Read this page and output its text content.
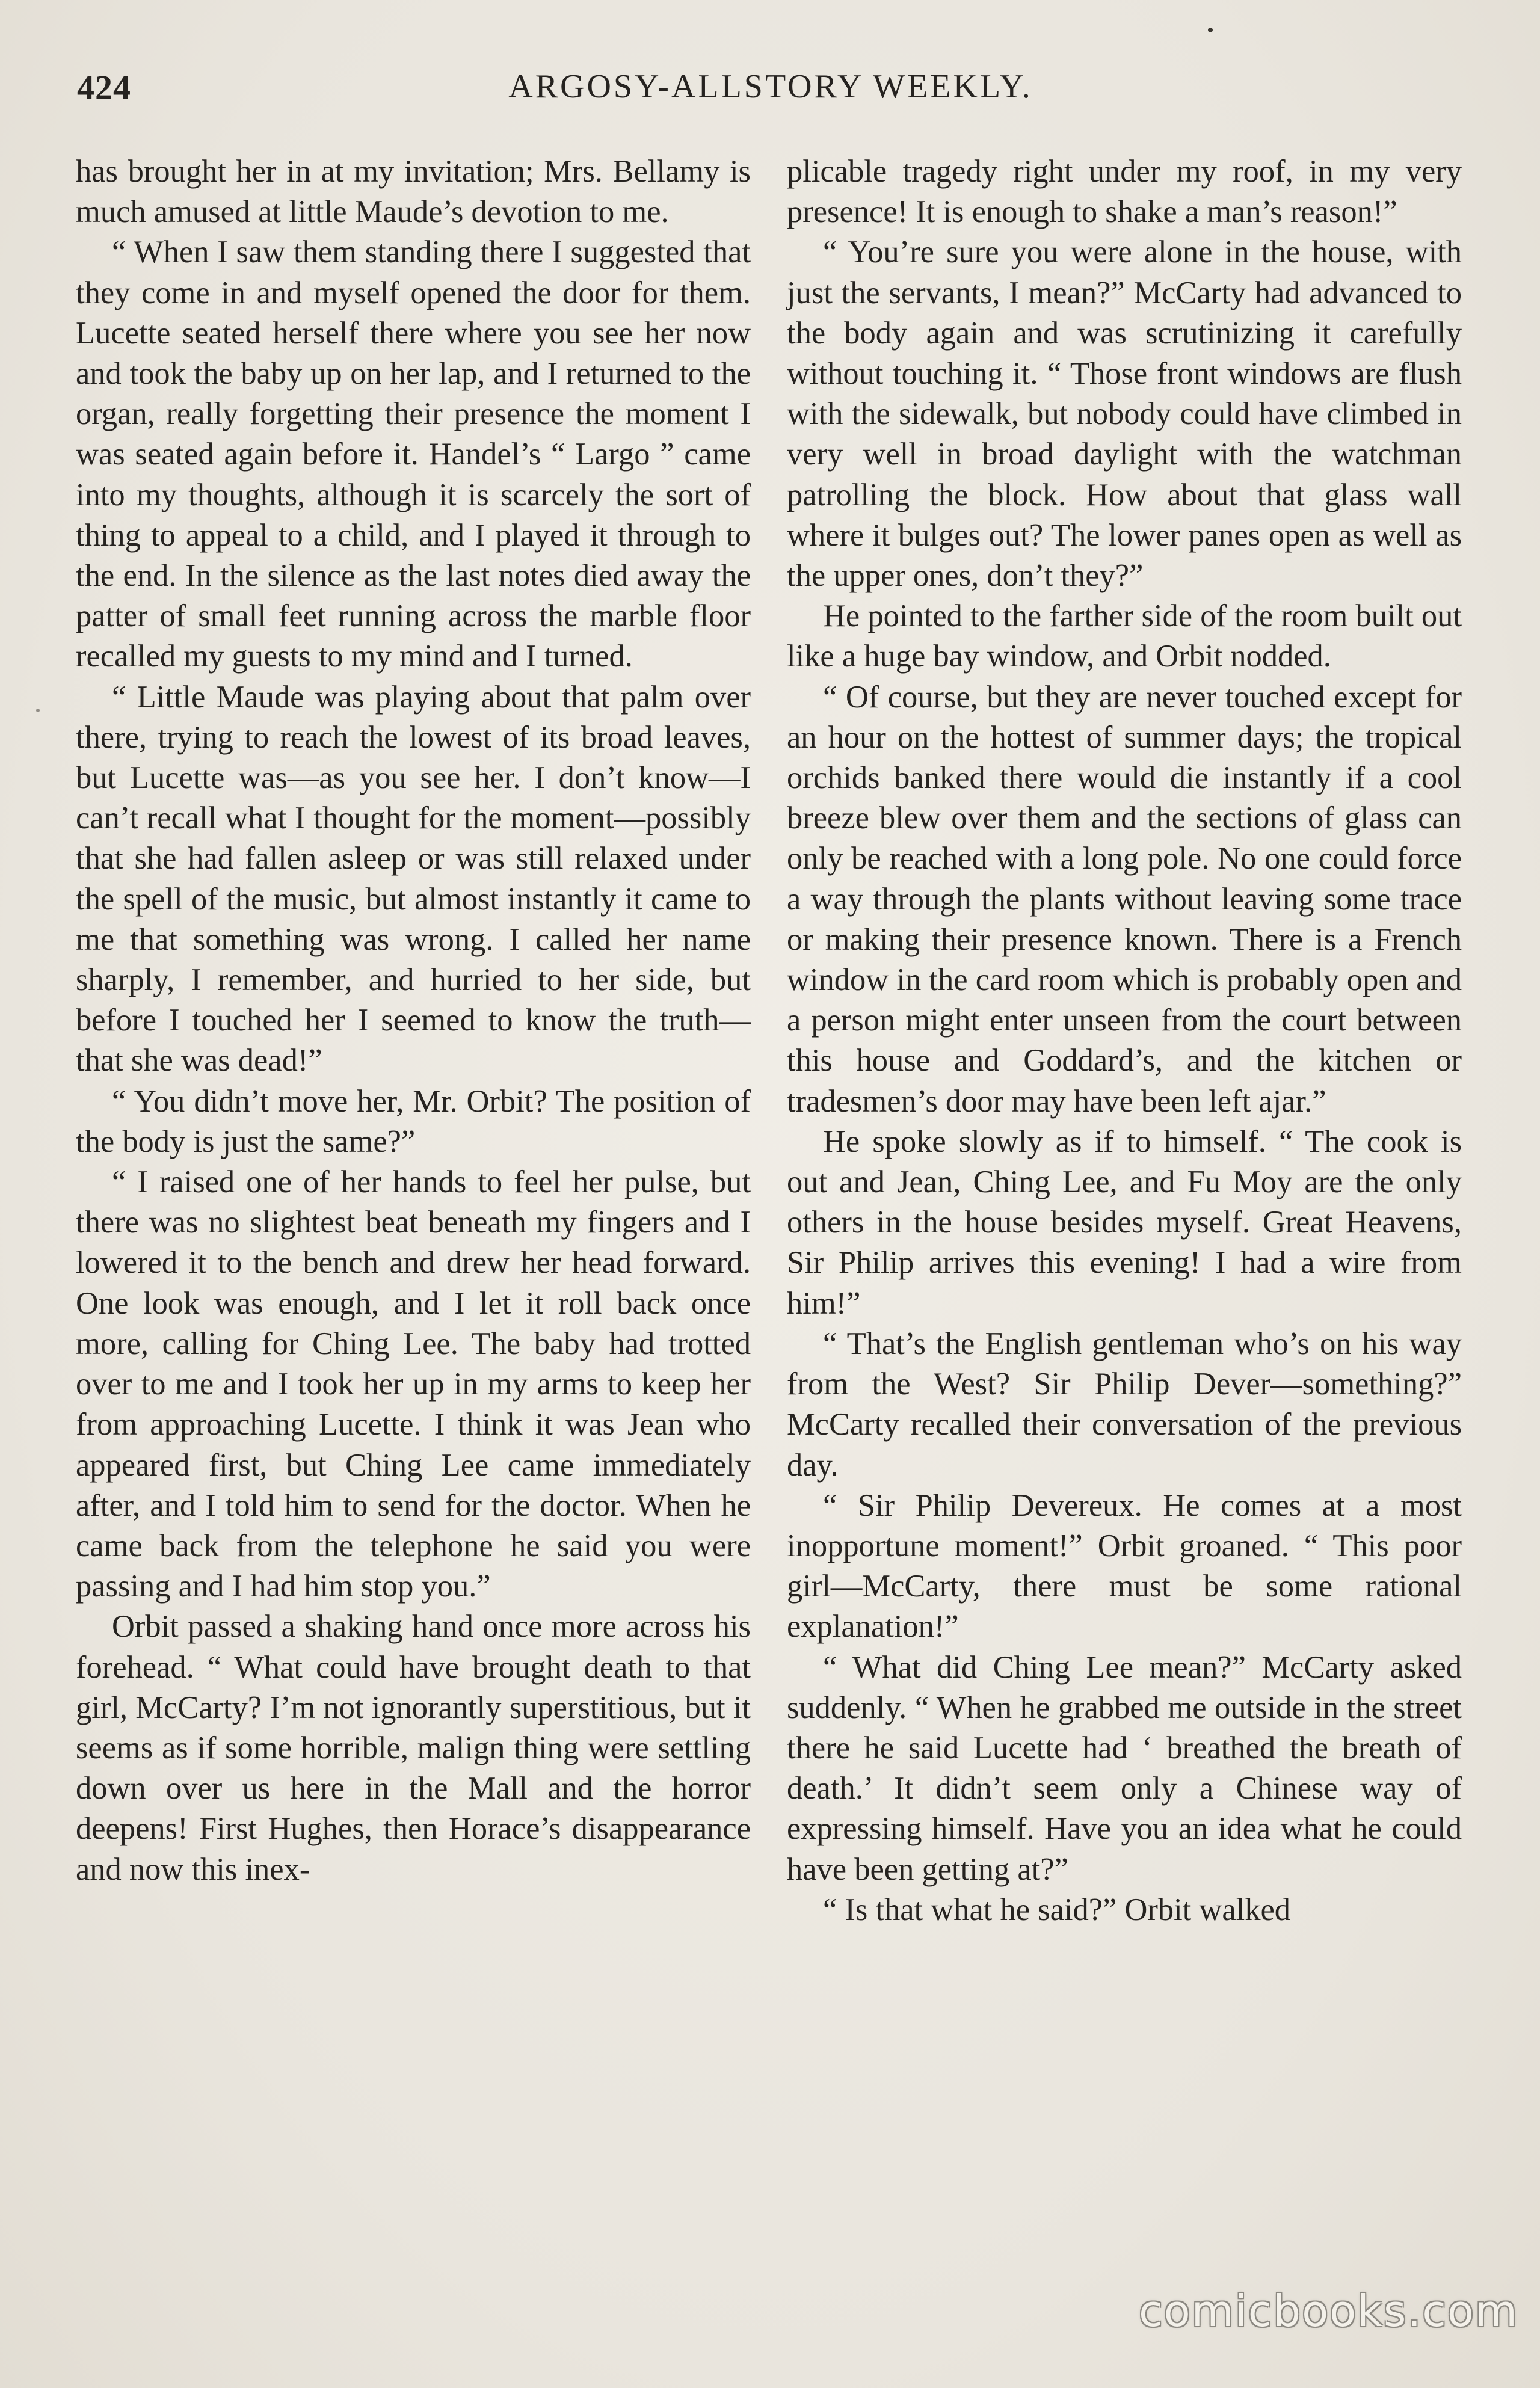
424	ARGOSY-ALLSTORY WEEKLY.

has brought her in at my invitation; Mrs. Bellamy is much amused at little Maude’s devotion to me.

“ When I saw them standing there I suggested that they come in and myself opened the door for them. Lucette seated herself there where you see her now and took the baby up on her lap, and I returned to the organ, really forgetting their presence the moment I was seated again before it. Handel’s “ Largo ” came into my thoughts, although it is scarcely the sort of thing to appeal to a child, and I played it through to the end. In the silence as the last notes died away the patter of small feet running across the marble floor recalled my guests to my mind and I turned.

“ Little Maude was playing about that palm over there, trying to reach the lowest of its broad leaves, but Lucette was—as you see her. I don’t know—I can’t recall what I thought for the moment—possibly that she had fallen asleep or was still relaxed under the spell of the music, but almost instantly it came to me that something was wrong. I called her name sharply, I remember, and hurried to her side, but before I touched her I seemed to know the truth—that she was dead!”

“ You didn’t move her, Mr. Orbit? The position of the body is just the same?”

“ I raised one of her hands to feel her pulse, but there was no slightest beat beneath my fingers and I lowered it to the bench and drew her head forward. One look was enough, and I let it roll back once more, calling for Ching Lee. The baby had trotted over to me and I took her up in my arms to keep her from approaching Lucette. I think it was Jean who appeared first, but Ching Lee came immediately after, and I told him to send for the doctor. When he came back from the telephone he said you were passing and I had him stop you.”

Orbit passed a shaking hand once more across his forehead. “ What could have brought death to that girl, McCarty? I’m not ignorantly superstitious, but it seems as if some horrible, malign thing were settling down over us here in the Mall and the horror deepens! First Hughes, then Horace’s disappearance and now this inex-

plicable tragedy right under my roof, in my very presence! It is enough to shake a man’s reason!”

“ You’re sure you were alone in the house, with just the servants, I mean?” McCarty had advanced to the body again and was scrutinizing it carefully without touching it. “ Those front windows are flush with the sidewalk, but nobody could have climbed in very well in broad daylight with the watchman patrolling the block. How about that glass wall where it bulges out? The lower panes open as well as the upper ones, don’t they?”

He pointed to the farther side of the room built out like a huge bay window, and Orbit nodded.

“ Of course, but they are never touched except for an hour on the hottest of summer days; the tropical orchids banked there would die instantly if a cool breeze blew over them and the sections of glass can only be reached with a long pole. No one could force a way through the plants without leaving some trace or making their presence known. There is a French window in the card room which is probably open and a person might enter unseen from the court between this house and Goddard’s, and the kitchen or tradesmen’s door may have been left ajar.”

He spoke slowly as if to himself. “ The cook is out and Jean, Ching Lee, and Fu Moy are the only others in the house besides myself. Great Heavens, Sir Philip arrives this evening! I had a wire from him!”

“ That’s the English gentleman who’s on his way from the West? Sir Philip Dever—something?” McCarty recalled their conversation of the previous day.

“ Sir Philip Devereux. He comes at a most inopportune moment!” Orbit groaned. “ This poor girl—McCarty, there must be some rational explanation!”

“ What did Ching Lee mean?” McCarty asked suddenly. “ When he grabbed me outside in the street there he said Lucette had ‘ breathed the breath of death.’ It didn’t seem only a Chinese way of expressing himself. Have you an idea what he could have been getting at?”

“ Is that what he said?” Orbit walked

comicbooks.com
